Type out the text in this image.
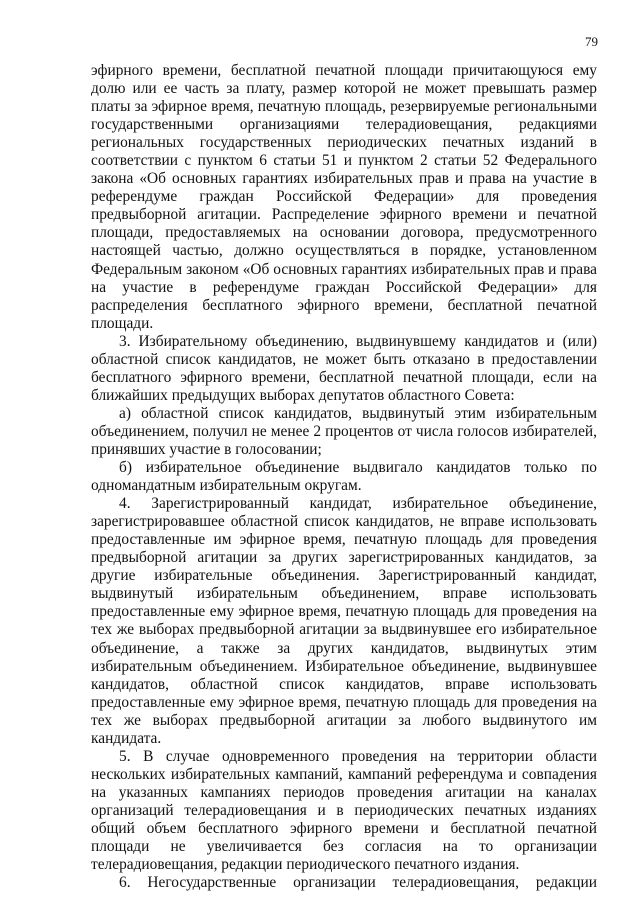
79

эфирного времени, бесплатной печатной площади причитающуюся ему долю или ее часть за плату, размер которой не может превышать размер платы за эфирное время, печатную площадь, резервируемые региональными государственными организациями телерадиовещания, редакциями региональных государственных периодических печатных изданий в соответствии с пунктом 6 статьи 51 и пунктом 2 статьи 52 Федерального закона «Об основных гарантиях избирательных прав и права на участие в референдуме граждан Российской Федерации» для проведения предвыборной агитации. Распределение эфирного времени и печатной площади, предоставляемых на основании договора, предусмотренного настоящей частью, должно осуществляться в порядке, установленном Федеральным законом «Об основных гарантиях избирательных прав и права на участие в референдуме граждан Российской Федерации» для распределения бесплатного эфирного времени, бесплатной печатной площади.

3. Избирательному объединению, выдвинувшему кандидатов и (или) областной список кандидатов, не может быть отказано в предоставлении бесплатного эфирного времени, бесплатной печатной площади, если на ближайших предыдущих выборах депутатов областного Совета:

а) областной список кандидатов, выдвинутый этим избирательным объединением, получил не менее 2 процентов от числа голосов избирателей, принявших участие в голосовании;

б) избирательное объединение выдвигало кандидатов только по одномандатным избирательным округам.

4. Зарегистрированный кандидат, избирательное объединение, зарегистрировавшее областной список кандидатов, не вправе использовать предоставленные им эфирное время, печатную площадь для проведения предвыборной агитации за других зарегистрированных кандидатов, за другие избирательные объединения. Зарегистрированный кандидат, выдвинутый избирательным объединением, вправе использовать предоставленные ему эфирное время, печатную площадь для проведения на тех же выборах предвыборной агитации за выдвинувшее его избирательное объединение, а также за других кандидатов, выдвинутых этим избирательным объединением. Избирательное объединение, выдвинувшее кандидатов, областной список кандидатов, вправе использовать предоставленные ему эфирное время, печатную площадь для проведения на тех же выборах предвыборной агитации за любого выдвинутого им кандидата.

5. В случае одновременного проведения на территории области нескольких избирательных кампаний, кампаний референдума и совпадения на указанных кампаниях периодов проведения агитации на каналах организаций телерадиовещания и в периодических печатных изданиях общий объем бесплатного эфирного времени и бесплатной печатной площади не увеличивается без согласия на то организации телерадиовещания, редакции периодического печатного издания.

6. Негосударственные организации телерадиовещания, редакции
